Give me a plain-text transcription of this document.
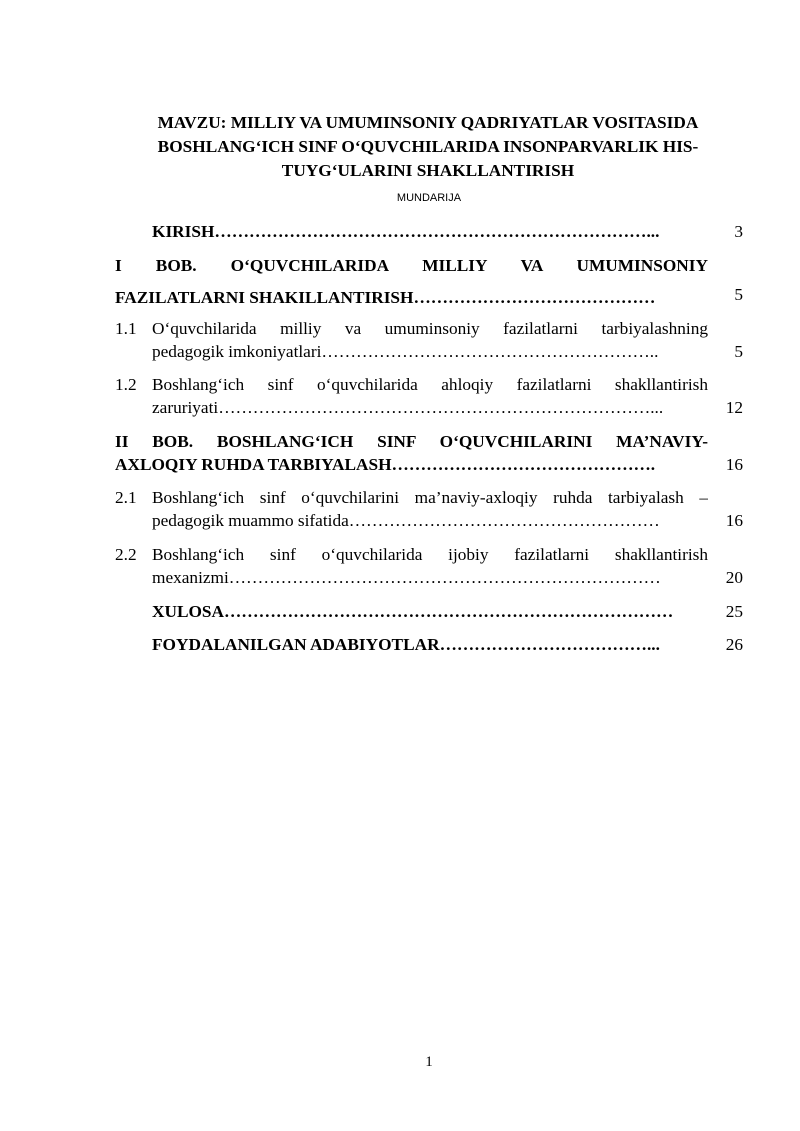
MAVZU: MILLIY VA UMUMINSONIY QADRIYATLAR VOSITASIDA
BOSHLANG‘ICH SINF O‘QUVCHILARIDA INSONPARVARLIK HIS-
TUYG‘ULARINI SHAKLLANTIRISH
MUNDARIJA
KIRISH…………………………………………………………………...	3
I BOB. O‘QUVCHILARIDA MILLIY VA UMUMINSONIY
FAZILATLARNI SHAKILLANTIRISH……………………………………	5
1.1 O‘quvchilarida milliy va umuminsoniy fazilatlarni tarbiyalashning
pedagogik imkoniyatlari…………………………………………………..	5
1.2 Boshlang‘ich sinf o‘quvchilarida ahloqiy fazilatlarni shakllantirish
zaruriyati…………………………………………………………………...	12
II BOB. BOSHLANG‘ICH SINF O‘QUVCHILARINI MA’NAVIY-
AXLOQIY RUHDA TARBIYALASH……………………………………….	16
2.1 Boshlang‘ich sinf o‘quvchilarini ma’naviy-axloqiy ruhda tarbiyalash –
pedagogik muammo sifatida………………………………………………	16
2.2 Boshlang‘ich sinf o‘quvchilarida ijobiy fazilatlarni shakllantirish
mexanizmi…………………………………………………………………	20
XULOSA……………………………………………………………………	25
FOYDALANILGAN ADABIYOTLAR………………………………...	26
1
